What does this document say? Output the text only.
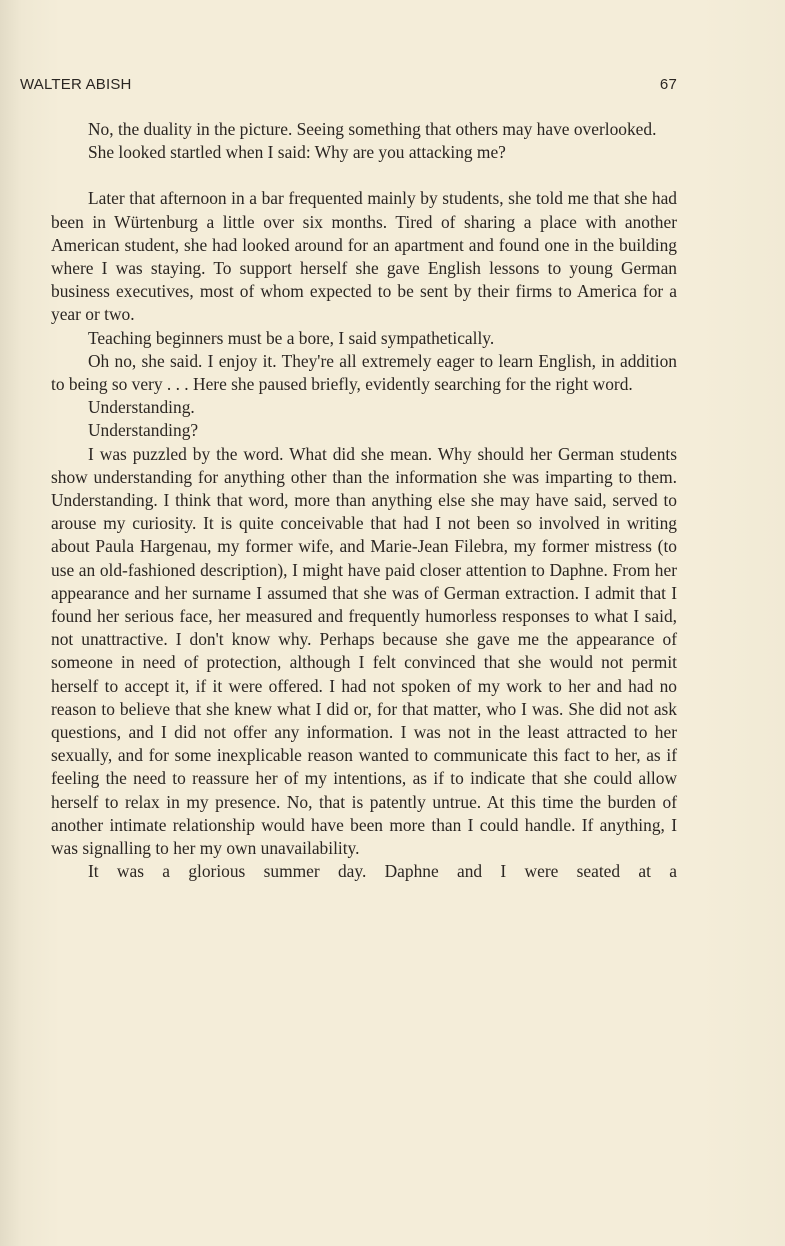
WALTER ABISH	67

No, the duality in the picture. Seeing something that others may have overlooked.

She looked startled when I said: Why are you attacking me?

Later that afternoon in a bar frequented mainly by students, she told me that she had been in Würtenburg a little over six months. Tired of sharing a place with another American student, she had looked around for an apartment and found one in the building where I was staying. To support herself she gave English lessons to young German business executives, most of whom expected to be sent by their firms to America for a year or two.

Teaching beginners must be a bore, I said sympathetically.

Oh no, she said. I enjoy it. They're all extremely eager to learn English, in addition to being so very . . . Here she paused briefly, evidently searching for the right word.

Understanding.

Understanding?

I was puzzled by the word. What did she mean. Why should her German students show understanding for anything other than the information she was imparting to them. Understanding. I think that word, more than anything else she may have said, served to arouse my curiosity. It is quite conceivable that had I not been so involved in writing about Paula Hargenau, my former wife, and Marie-Jean Filebra, my former mistress (to use an old-fashioned description), I might have paid closer attention to Daphne. From her appearance and her surname I assumed that she was of German extraction. I admit that I found her serious face, her measured and frequently humorless responses to what I said, not unattractive. I don't know why. Perhaps because she gave me the appearance of someone in need of protection, although I felt convinced that she would not permit herself to accept it, if it were offered. I had not spoken of my work to her and had no reason to believe that she knew what I did or, for that matter, who I was. She did not ask questions, and I did not offer any information. I was not in the least attracted to her sexually, and for some inexplicable reason wanted to communicate this fact to her, as if feeling the need to reassure her of my intentions, as if to indicate that she could allow herself to relax in my presence. No, that is patently untrue. At this time the burden of another intimate relationship would have been more than I could handle. If anything, I was signalling to her my own unavailability.

It was a glorious summer day. Daphne and I were seated at a
